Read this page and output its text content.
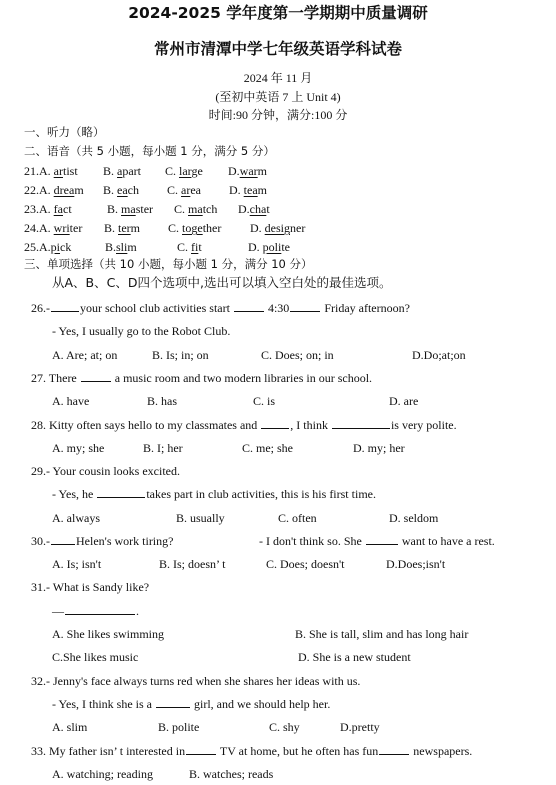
2024-2025 学年度第一学期期中质量调研
常州市清潭中学七年级英语学科试卷
2024 年 11 月
(至初中英语 7 上 Unit 4)
时间:90 分钟，满分:100 分
一、听力（略）
二、语音（共 5 小题，每小题 1 分，满分 5 分）
21.A. artist B. apart C. large D.warm
22.A. dream B. each C. area D. team
23.A. fact	B. master C. match D.chat
24.A. writer B. term C. together D. designer
25.A.pick	B.slim	C. fit	D. polite
三、单项选择（共 10 小题，每小题 1 分，满分 10 分）
从A、B、C、D四个选项中,选出可以填入空白处的最佳选项。
26.-	your school club activities start	4:30	Friday afternoon?
- Yes, I usually go to the Robot Club.
A. Are; at; on	B. Is; in; on	C. Does; on; in	D.Do;at;on
27. There	a music room and two modern libraries in our school.
A. have	B. has	C. is	D. are
28. Kitty often says hello to my classmates and	, I think	is very polite.
A. my; she	B. I; her	C. me; she	D. my; her
29.- Your cousin looks excited.
- Yes, he	takes part in club activities, this is his first time.
A. always	B. usually	C. often	D. seldom
30.- Helen's work tiring?	- I don't think so. She	want to have a rest.
A. Is; isn't	B. Is; doesn’ t	C. Does; doesn't	D.Does;isn't
31.- What is Sandy like?
—	.
A. She likes swimming	B. She is tall, slim and has long hair
C.She likes music	D. She is a new student
32.- Jenny's face always turns red when she shares her ideas with us.
- Yes, I think she is a	girl, and we should help her.
A. slim	B. polite	C. shy	D.pretty
33. My father isn’ t interested in	TV at home, but he often has fun	newspapers.
A. watching; reading	B. watches; reads
